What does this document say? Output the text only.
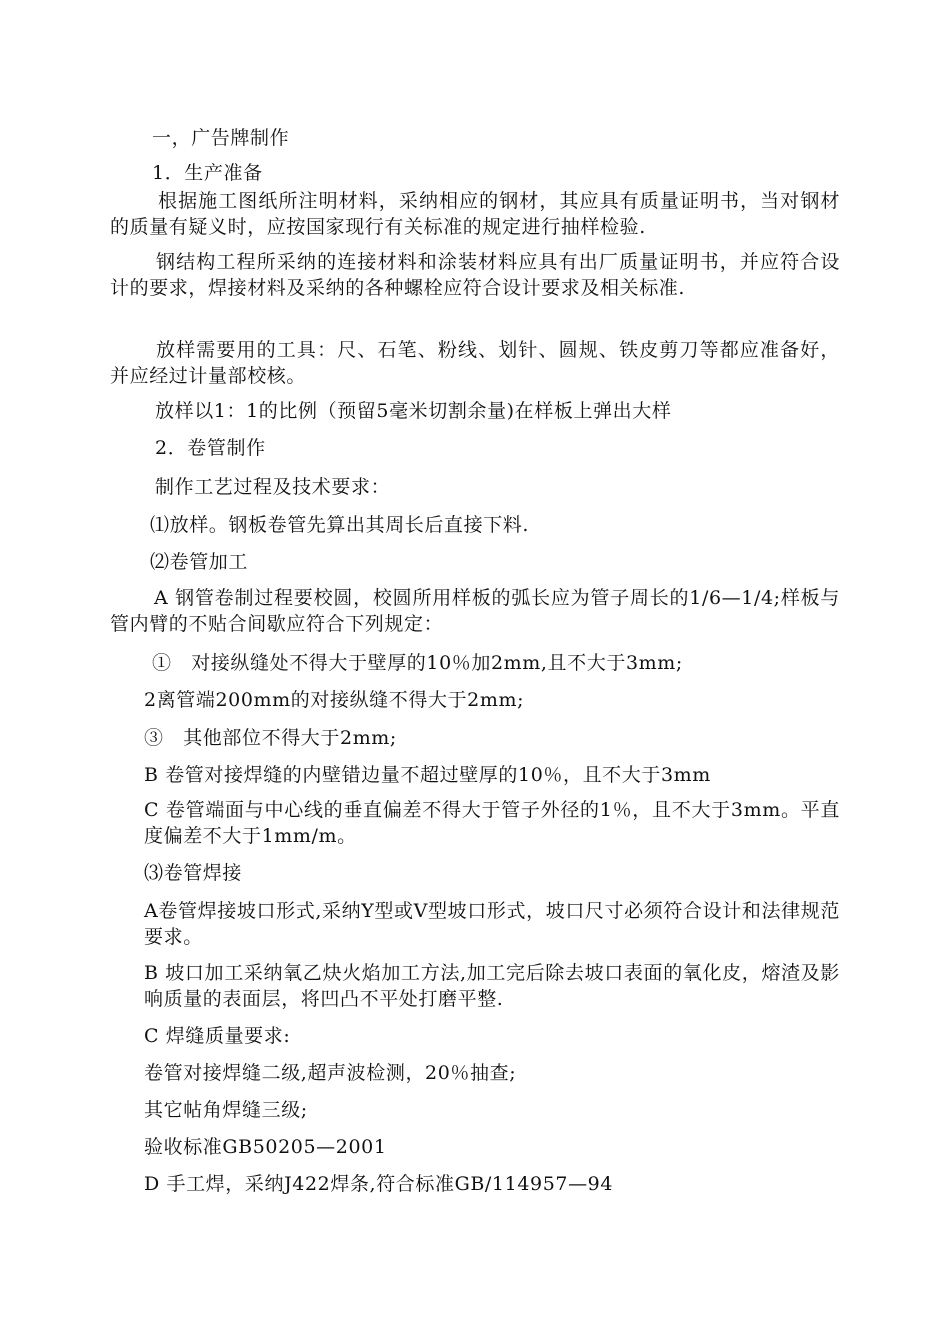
一，广告牌制作
1．生产准备
根据施工图纸所注明材料，采纳相应的钢材，其应具有质量证明书，当对钢材的质量有疑义时，应按国家现行有关标准的规定进行抽样检验.
钢结构工程所采纳的连接材料和涂装材料应具有出厂质量证明书，并应符合设计的要求，焊接材料及采纳的各种螺栓应符合设计要求及相关标准.
放样需要用的工具：尺、石笔、粉线、划针、圆规、铁皮剪刀等都应准备好，并应经过计量部校核。
放样以1：1的比例（预留5毫米切割余量)在样板上弹出大样
2．卷管制作
制作工艺过程及技术要求：
⑴放样。钢板卷管先算出其周长后直接下料.
⑵卷管加工
A 钢管卷制过程要校圆，校圆所用样板的弧长应为管子周长的1/6—1/4;样板与管内臂的不贴合间歇应符合下列规定：
①　对接纵缝处不得大于壁厚的10％加2mm,且不大于3mm;
2离管端200mm的对接纵缝不得大于2mm;
③　其他部位不得大于2mm;
B 卷管对接焊缝的内壁错边量不超过壁厚的10％，且不大于3mm
C 卷管端面与中心线的垂直偏差不得大于管子外径的1％，且不大于3mm。平直度偏差不大于1mm/m。
⑶卷管焊接
A卷管焊接坡口形式,采纳Y型或V型坡口形式，坡口尺寸必须符合设计和法律规范要求。
B 坡口加工采纳氧乙炔火焰加工方法,加工完后除去坡口表面的氧化皮，熔渣及影响质量的表面层，将凹凸不平处打磨平整.
C 焊缝质量要求:
卷管对接焊缝二级,超声波检测，20％抽查;
其它帖角焊缝三级;
验收标准GB50205—2001
D 手工焊，采纳J422焊条,符合标准GB/114957—94
